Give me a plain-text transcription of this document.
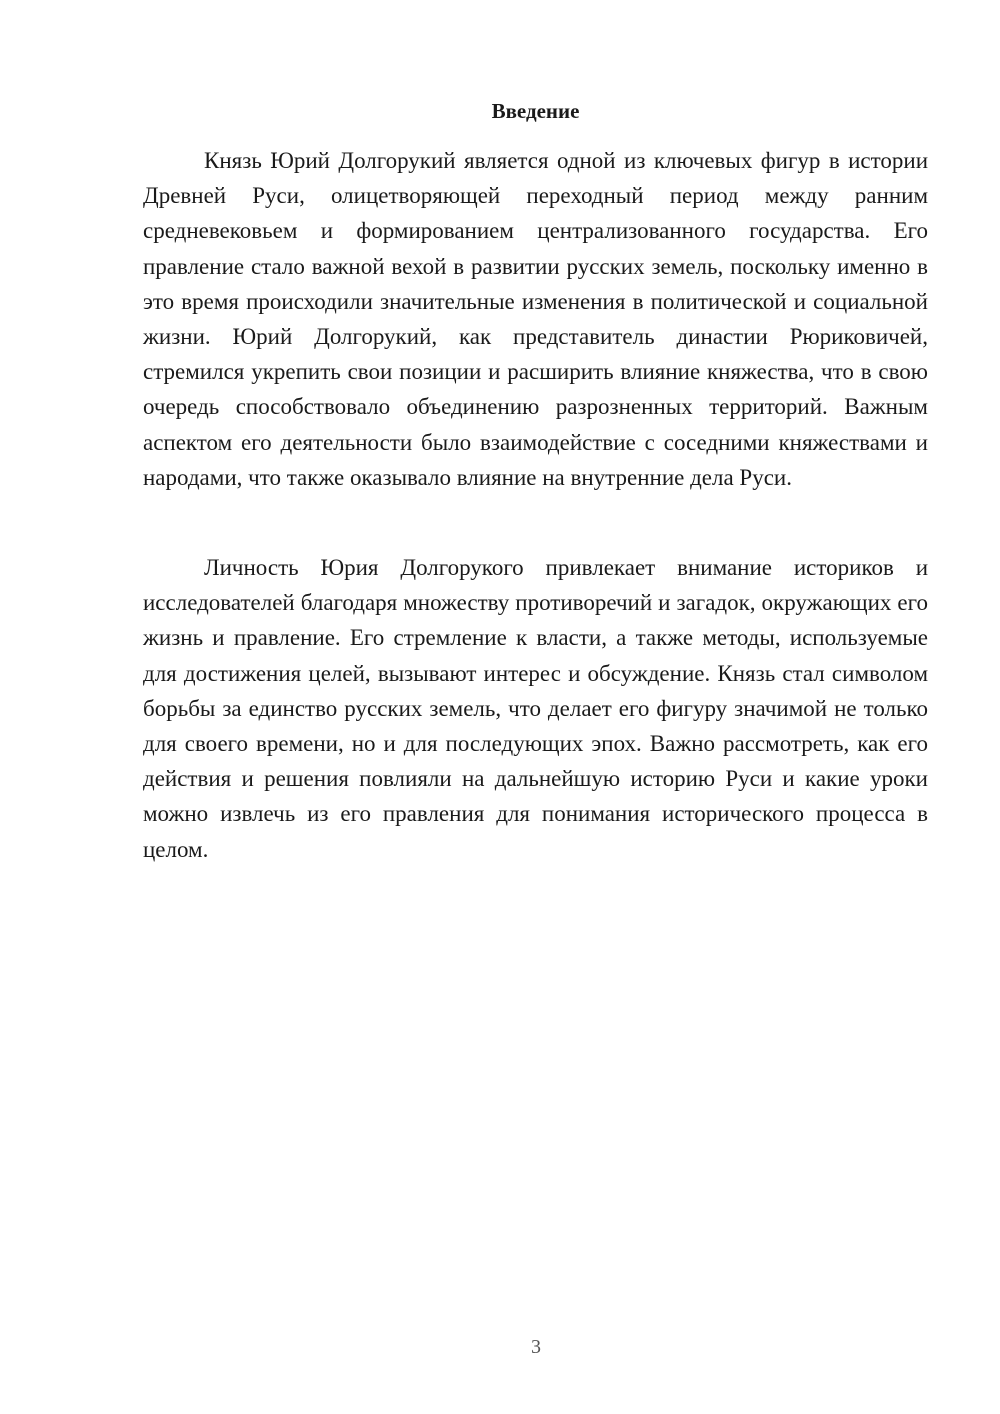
Введение

Князь Юрий Долгорукий является одной из ключевых фигур в истории Древней Руси, олицетворяющей переходный период между ранним средневековьем и формированием централизованного государства. Его правление стало важной вехой в развитии русских земель, поскольку именно в это время происходили значительные изменения в политической и социальной жизни. Юрий Долгорукий, как представитель династии Рюриковичей, стремился укрепить свои позиции и расширить влияние княжества, что в свою очередь способствовало объединению разрозненных территорий. Важным аспектом его деятельности было взаимодействие с соседними княжествами и народами, что также оказывало влияние на внутренние дела Руси.

Личность Юрия Долгорукого привлекает внимание историков и исследователей благодаря множеству противоречий и загадок, окружающих его жизнь и правление. Его стремление к власти, а также методы, используемые для достижения целей, вызывают интерес и обсуждение. Князь стал символом борьбы за единство русских земель, что делает его фигуру значимой не только для своего времени, но и для последующих эпох. Важно рассмотреть, как его действия и решения повлияли на дальнейшую историю Руси и какие уроки можно извлечь из его правления для понимания исторического процесса в целом.

3
